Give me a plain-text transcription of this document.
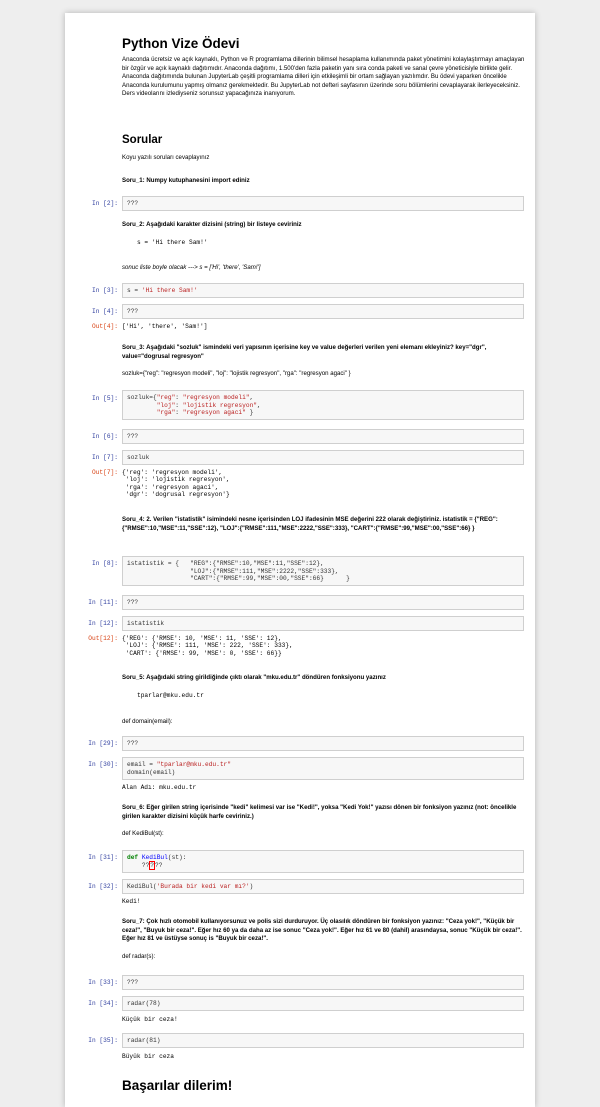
Python Vize Ödevi
Anaconda ücretsiz ve açık kaynaklı, Python ve R programlama dillerinin bilimsel hesaplama kullanımında paket yönetimini kolaylaştırmayı amaçlayan bir özgür ve açık kaynaklı dağıtımıdır. Anaconda dağıtımı, 1.500'den fazla paketin yanı sıra conda paketi ve sanal çevre yöneticisiyle birlikte gelir. Anaconda dağıtımında bulunan JupyterLab çeşitli programlama dilleri için etkileşimli bir ortam sağlayan yazılımdır. Bu ödevi yaparken öncelikle Anaconda kurulumunu yapmış olmanız gerekmektedir. Bu JupyterLab not defteri sayfasının üzerinde soru bölümlerini cevaplayarak ilerleyeceksiniz. Ders videolarını izlediyseniz sorunsuz yapacağınıza inanıyorum.
Sorular
Koyu yazılı soruları cevaplayınız
Soru_1: Numpy kutuphanesini import ediniz
In [2]:	???
Soru_2: Aşağıdaki karakter dizisini (string) bir listeye ceviriniz
s = 'Hi there Sam!'
sonuc liste boyle olacak ---> s = ['Hi', 'there', 'Sam!']
In [3]:	s = 'Hi there Sam!'
In [4]:	???
Out[4]: ['Hi', 'there', 'Sam!']
Soru_3: Aşağıdaki "sozluk" ismindeki veri yapısının içerisine key ve value değerleri verilen yeni elemanı ekleyiniz? key="dgr", value="dogrusal regresyon"
sozluk={"reg": "regresyon modeli", "loj": "lojistik regresyon", "rga": "regresyon agaci" }
In [5]:	sozluk={"reg": "regresyon modeli",
"loj": "lojistik regresyon",
"rga": "regresyon agaci" }
In [6]:	???
In [7]:	sozluk
Out[7]: {'reg': 'regresyon modeli',
'loj': 'lojistik regresyon',
'rga': 'regresyon agaci',
'dgr': 'dogrusal regresyon'}
Soru_4: 2. Verilen "istatistik" isimindeki nesne içerisinden LOJ ifadesinin MSE değerini 222 olarak değiştiriniz. istatistik = {"REG":{"RMSE":10,"MSE":11,"SSE":12}, "LOJ":{"RMSE":111,"MSE":2222,"SSE":333}, "CART":{"RMSE":99,"MSE":00,"SSE":66} }
In [8]:	istatistik = {   "REG":{"RMSE":10,"MSE":11,"SSE":12},
"LOJ":{"RMSE":111,"MSE":2222,"SSE":333},
"CART":{"RMSE":99,"MSE":00,"SSE":66}      }
In [11]:	???
In [12]:	istatistik
Out[12]: {'REG': {'RMSE': 10, 'MSE': 11, 'SSE': 12},
'LOJ': {'RMSE': 111, 'MSE': 222, 'SSE': 333},
'CART': {'RMSE': 99, 'MSE': 0, 'SSE': 66}}
Soru_5: Aşağıdaki string girildiğinde çıktı olarak "mku.edu.tr" döndüren fonksiyonu yazınız
tparlar@mku.edu.tr
def domain(email):
In [29]:	???
In [30]:	email = "tparlar@mku.edu.tr"
domain(email)
Alan Adı: mku.edu.tr
Soru_6: Eğer girilen string içerisinde "kedi" kelimesi var ise "Kedi!", yoksa "Kedi Yok!" yazısı dönen bir fonksiyon yazınız (not: öncelikle girilen karakter dizisini küçük harfe ceviriniz.)
def KediBul(st):
In [31]:	def KediBul(st):
?????
In [32]:	KediBul('Burada bir kedi var mı?')
Kedi!
Soru_7: Çok hızlı otomobil kullanıyorsunuz ve polis sizi durduruyor. Üç olasılık döndüren bir fonksiyon yazınız: "Ceza yok!", "Küçük bir ceza!", "Buyuk bir ceza!". Eğer hız 60 ya da daha az ise sonuc "Ceza yok!". Eğer hız 61 ve 80 (dahil) arasındaysa, sonuc "Küçük bir ceza!". Eğer hız 81 ve üstüyse sonuç is "Buyuk bir ceza!".
def radar(s):
In [33]:	???
In [34]:	radar(78)
Küçük bir ceza!
In [35]:	radar(81)
Büyük bir ceza
Başarılar dilerim!
